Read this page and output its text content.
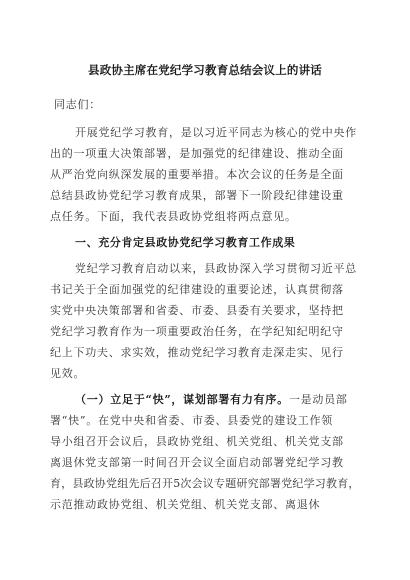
县政协主席在党纪学习教育总结会议上的讲话
同志们：
开展党纪学习教育，是以习近平同志为核心的党中央作
出的一项重大决策部署，是加强党的纪律建设、推动全面
从严治党向纵深发展的重要举措。本次会议的任务是全面
总结县政协党纪学习教育成果，部署下一阶段纪律建设重
点任务。下面，我代表县政协党组将两点意见。
一、充分肯定县政协党纪学习教育工作成果
党纪学习教育启动以来，县政协深入学习贯彻习近平总
书记关于全面加强党的纪律建设的重要论述，认真贯彻落
实党中央决策部署和省委、市委、县委有关要求，坚持把
党纪学习教育作为一项重要政治任务，在学纪知纪明纪守
纪上下功夫、求实效，推动党纪学习教育走深走实、见行
见效。
（一）立足于“快”，谋划部署有力有序。一是动员部
署“快”。在党中央和省委、市委、县委党的建设工作领
导小组召开会议后，县政协党组、机关党组、机关党支部
离退休党支部第一时间召开会议全面启动部署党纪学习教
育，县政协党组先后召开5次会议专题研究部署党纪学习教育，
示范推动政协党组、机关党组、机关党支部、离退休
